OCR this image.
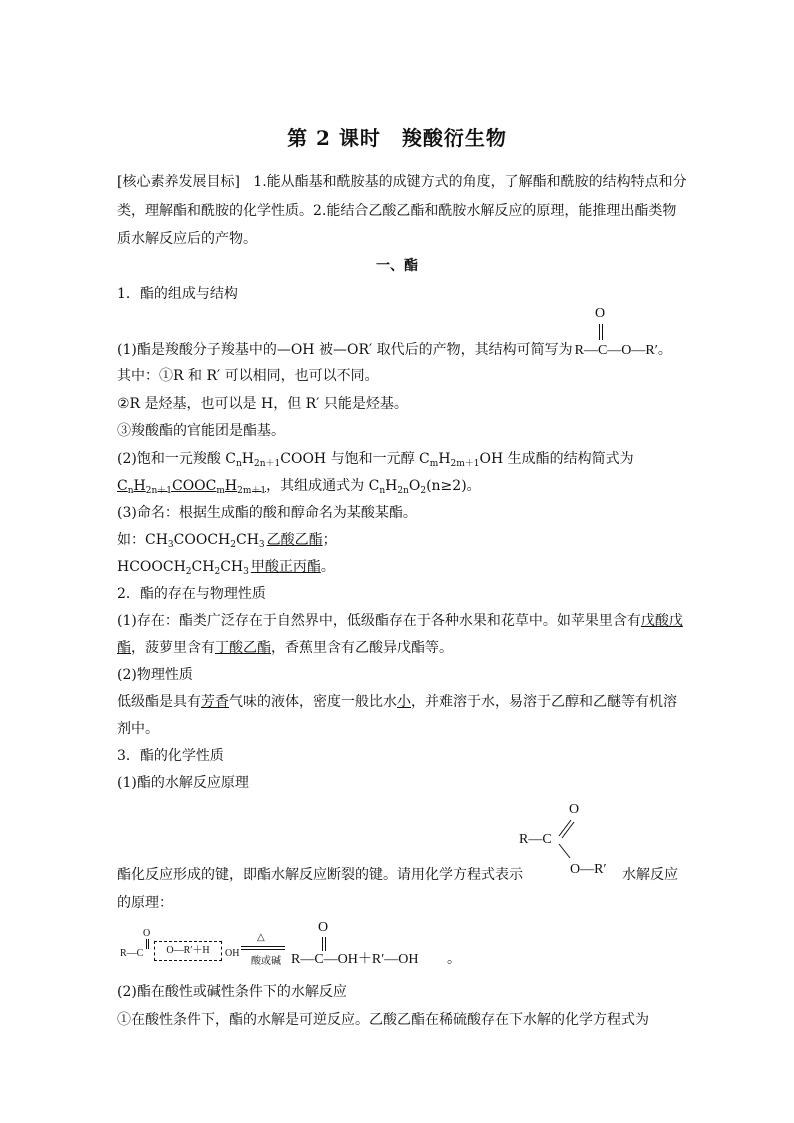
第 2 课时　羧酸衍生物
[核心素养发展目标] 1.能从酯基和酰胺基的成键方式的角度，了解酯和酰胺的结构特点和分
类，理解酯和酰胺的化学性质。2.能结合乙酸乙酯和酰胺水解反应的原理，能推理出酯类物
质水解反应后的产物。
一、酯
1．酯的组成与结构
O
(1)酯是羧酸分子羧基中的—OH 被—OR′ 取代后的产物，其结构可简写为 R—C—O—R′。
其中：①R 和 R′ 可以相同，也可以不同。
②R 是烃基，也可以是 H，但 R′ 只能是烃基。
③羧酸酯的官能团是酯基。
(2)饱和一元羧酸 $C_nH_{2n+1}COOH$ 与饱和一元醇 $C_mH_{2m+1}OH$ 生成酯的结构简式为
$C_nH_{2n+1}COOC_mH_{2m+1}$，其组成通式为 $C_nH_{2n}O_2(n\ge 2)$。
(3)命名：根据生成酯的酸和醇命名为某酸某酯。
如：$CH_3COOCH_2CH_3$ 乙酸乙酯；
$HCOOCH_2CH_2CH_3$ 甲酸正丙酯。
2．酯的存在与物理性质
(1)存在：酯类广泛存在于自然界中，低级酯存在于各种水果和花草中。如苹果里含有戊酸戊
酯，菠萝里含有丁酸乙酯，香蕉里含有乙酸异戊酯等。
(2)物理性质
低级酯是具有芳香气味的液体，密度一般比水小，并难溶于水，易溶于乙醇和乙醚等有机溶
剂中。
3．酯的化学性质
(1)酯的水解反应原理
O
R—C
O—R′
酯化反应形成的键，即酯水解反应断裂的键。请用化学方程式表示	水解反应
的原理：
O
R—C	O—R′＋H	OH
△
酸或碱
O
R—C—OH＋R′—OH 。
(2)酯在酸性或碱性条件下的水解反应
①在酸性条件下，酯的水解是可逆反应。乙酸乙酯在稀硫酸存在下水解的化学方程式为
